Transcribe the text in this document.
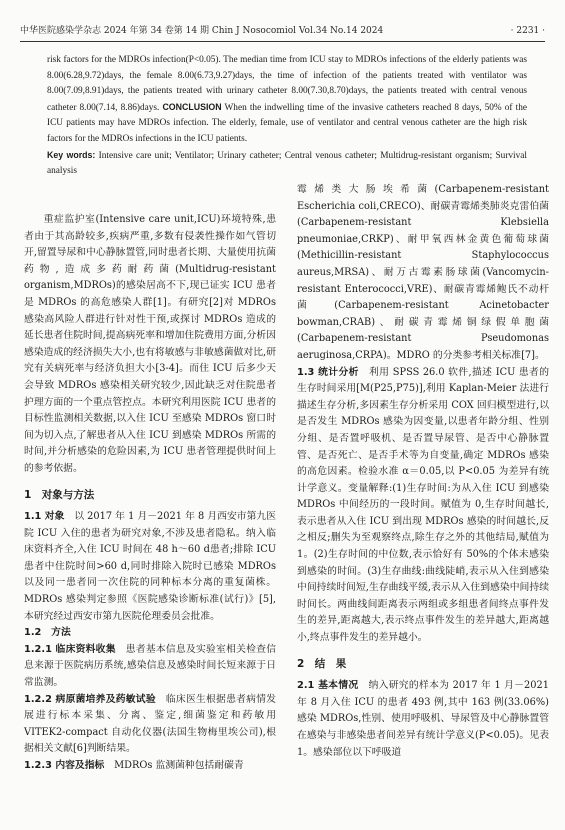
中华医院感染学杂志 2024 年第 34 卷第 14 期 Chin J Nosocomiol Vol.34 No.14 2024	· 2231 ·
risk factors for the MDROs infection(P<0.05). The median time from ICU stay to MDROs infections of the elderly patients was 8.00(6.28,9.72)days, the female 8.00(6.73,9.27)days, the time of infection of the patients treated with ventilator was 8.00(7.09,8.91)days, the patients treated with urinary catheter 8.00(7.30,8.70)days, the patients treated with central venous catheter 8.00(7.14, 8.86)days. CONCLUSION When the indwelling time of the invasive catheters reached 8 days, 50% of the ICU patients may have MDROs infection. The elderly, female, use of ventilator and central venous catheter are the high risk factors for the MDROs infections in the ICU patients.
Key words: Intensive care unit; Ventilator; Urinary catheter; Central venous catheter; Multidrug-resistant organism; Survival analysis

重症监护室(Intensive care unit,ICU)环境特殊,患者由于其高龄较多,疾病严重,多数有侵袭性操作如气管切开,留置导尿和中心静脉置管,同时患者长期、大量使用抗菌药物,造成多药耐药菌(Multidrug-resistant organism,MDROs)的感染居高不下,现已证实 ICU 患者是 MDROs 的高危感染人群[1]。有研究[2]对 MDROs 感染高风险人群进行针对性干预,或探讨 MDROs 造成的延长患者住院时间,提高病死率和增加住院费用方面,分析因感染造成的经济损失大小,也有将敏感与非敏感菌做对比,研究有关病死率与经济负担大小[3-4]。而住 ICU 后多少天会导致 MDROs 感染相关研究较少,因此缺乏对住院患者护理方面的一个重点管控点。本研究利用医院 ICU 患者的目标性监测相关数据,以入住 ICU 至感染 MDROs 窗口时间为切入点,了解患者从入住 ICU 到感染 MDROs 所需的时间,并分析感染的危险因素,为 ICU 患者管理提供时间上的参考依据。

1　对象与方法

1.1 对象　以 2017 年 1 月－2021 年 8 月西安市第九医院 ICU 入住的患者为研究对象,不涉及患者隐私。纳入临床资料齐全,入住 ICU 时间在 48 h～60 d患者;排除 ICU 患者中住院时间>60 d,同时排除入院时已感染 MDROs 以及同一患者同一次住院的同种标本分离的重复菌株。MDROs 感染判定参照《医院感染诊断标准(试行)》[5],本研究经过西安市第九医院伦理委员会批准。

1.2　方法

1.2.1 临床资料收集　患者基本信息及实验室相关检查信息来源于医院病历系统,感染信息及感染时间长短来源于日常监测。

1.2.2 病原菌培养及药敏试验　临床医生根据患者病情发展进行标本采集、分离、鉴定,细菌鉴定和药敏用 VITEK2-compact 自动化仪器(法国生物梅里埃公司),根据相关文献[6]判断结果。

1.2.3 内容及指标　MDROs 监测菌种包括耐碳青

霉烯类大肠埃希菌(Carbapenem-resistant Escherichia coli,CRECO)、耐碳青霉烯类肺炎克雷伯菌(Carbapenem-resistant Klebsiella pneumoniae,CRKP)、耐甲氧西林金黄色葡萄球菌(Methicillin-resistant Staphylococcus aureus,MRSA)、耐万古霉素肠球菌(Vancomycin-resistant Enterococci,VRE)、耐碳青霉烯鲍氏不动杆菌(Carbapenem-resistant Acinetobacter bowman,CRAB)、耐碳青霉烯铜绿假单胞菌(Carbapenem-resistant Pseudomonas aeruginosa,CRPA)。MDRO 的分类参考相关标准[7]。

1.3 统计分析　利用 SPSS 26.0 软件,描述 ICU 患者的生存时间采用[M(P25,P75)],利用 Kaplan-Meier 法进行描述生存分析,多因素生存分析采用 COX 回归模型进行,以是否发生 MDROs 感染为因变量,以患者年龄分组、性别分组、是否置呼吸机、是否置导尿管、是否中心静脉置管、是否死亡、是否手术等为自变量,确定 MDROs 感染的高危因素。检验水准 α＝0.05,以 P<0.05 为差异有统计学意义。变量解释:(1)生存时间:为从入住 ICU 到感染 MDROs 中间经历的一段时间。赋值为 0,生存时间越长,表示患者从入住 ICU 到出现 MDROs 感染的时间越长,反之相反;删失为至观察终点,除生存之外的其他结局,赋值为 1。(2)生存时间的中位数,表示恰好有 50%的个体未感染到感染的时间。(3)生存曲线:曲线陡峭,表示从入住到感染中间持续时间短,生存曲线平缓,表示从入住到感染中间持续时间长。两曲线间距离表示两组或多组患者间终点事件发生的差异,距离越大,表示终点事件发生的差异越大,距离越小,终点事件发生的差异越小。

2　结　果

2.1 基本情况　纳入研究的样本为 2017 年 1 月－2021 年 8 月入住 ICU 的患者 493 例,其中 163 例(33.06%)感染 MDROs,性别、使用呼吸机、导尿管及中心静脉置管在感染与非感染患者间差异有统计学意义(P<0.05)。见表 1。感染部位以下呼吸道
